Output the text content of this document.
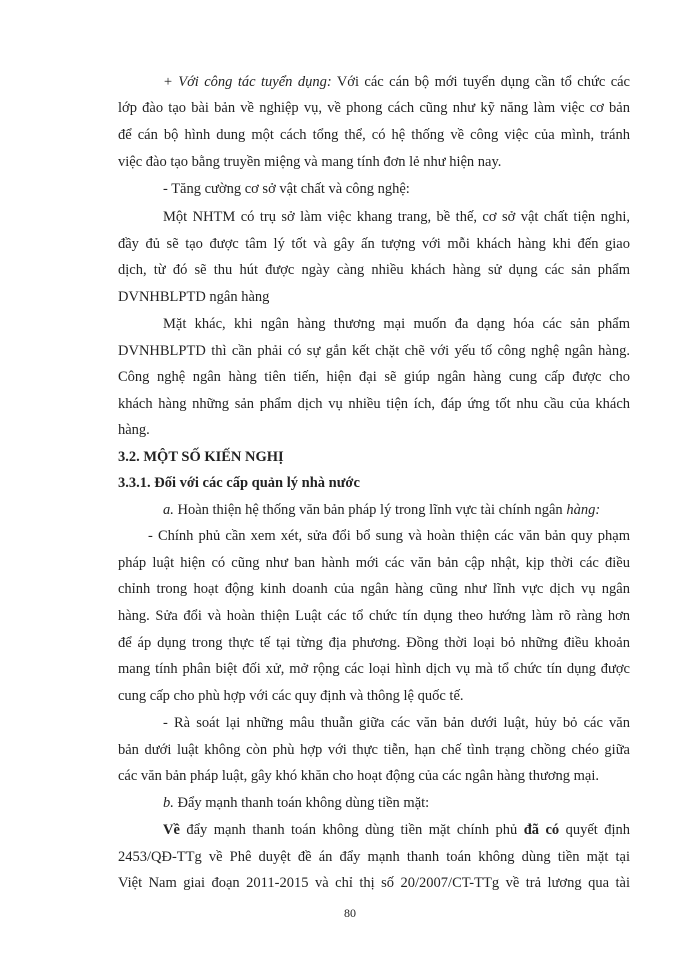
+ Với công tác tuyển dụng: Với các cán bộ mới tuyển dụng cần tổ chức các
lớp đào tạo bài bản về nghiệp vụ, về phong cách cũng như kỹ năng làm việc cơ bản
để cán bộ hình dung một cách tổng thể, có hệ thống về công việc của mình, tránh
việc đào tạo bằng truyền miệng và mang tính đơn lẻ như hiện nay.
- Tăng cường cơ sở vật chất và công nghệ:
Một NHTM có trụ sở làm việc khang trang, bề thế, cơ sở vật chất tiện nghi,
đầy đủ sẽ tạo được tâm lý tốt và gây ấn tượng với mỗi khách hàng khi đến giao
dịch, từ đó sẽ thu hút được ngày càng nhiều khách hàng sử dụng các sản phẩm
DVNHBLPTD ngân hàng
Mặt khác, khi ngân hàng thương mại muốn đa dạng hóa các sản phẩm
DVNHBLPTD thì cần phải có sự gắn kết chặt chẽ với yếu tố công nghệ ngân hàng.
Công nghệ ngân hàng tiên tiến, hiện đại sẽ giúp ngân hàng cung cấp được cho
khách hàng những sản phẩm dịch vụ nhiều tiện ích, đáp ứng tốt nhu cầu của khách
hàng.
3.2. MỘT SỐ KIẾN NGHỊ
3.3.1. Đối với các cấp quản lý nhà nước
a. Hoàn thiện hệ thống văn bản pháp lý trong lĩnh vực tài chính ngân hàng:
- Chính phủ cần xem xét, sửa đổi bổ sung và hoàn thiện các văn bản quy phạm
pháp luật hiện có cũng như ban hành mới các văn bản cập nhật, kịp thời các điều
chỉnh trong hoạt động kinh doanh của ngân hàng cũng như lĩnh vực dịch vụ ngân
hàng. Sửa đổi và hoàn thiện Luật các tổ chức tín dụng theo hướng làm rõ ràng hơn
để áp dụng trong thực tế tại từng địa phương. Đồng thời loại bỏ những điều khoản
mang tính phân biệt đối xử, mở rộng các loại hình dịch vụ mà tổ chức tín dụng được
cung cấp cho phù hợp với các quy định và thông lệ quốc tế.
- Rà soát lại những mâu thuẫn giữa các văn bản dưới luật, hủy bỏ các văn
bản dưới luật không còn phù hợp với thực tiễn, hạn chế tình trạng chồng chéo giữa
các văn bản pháp luật, gây khó khăn cho hoạt động của các ngân hàng thương mại.
b. Đẩy mạnh thanh toán không dùng tiền mặt:
Về đẩy mạnh thanh toán không dùng tiền mặt chính phủ đã có quyết định
2453/QĐ-TTg về Phê duyệt đề án đẩy mạnh thanh toán không dùng tiền mặt tại
Việt Nam giai đoạn 2011-2015 và chỉ thị số 20/2007/CT-TTg về trả lương qua tài
80
